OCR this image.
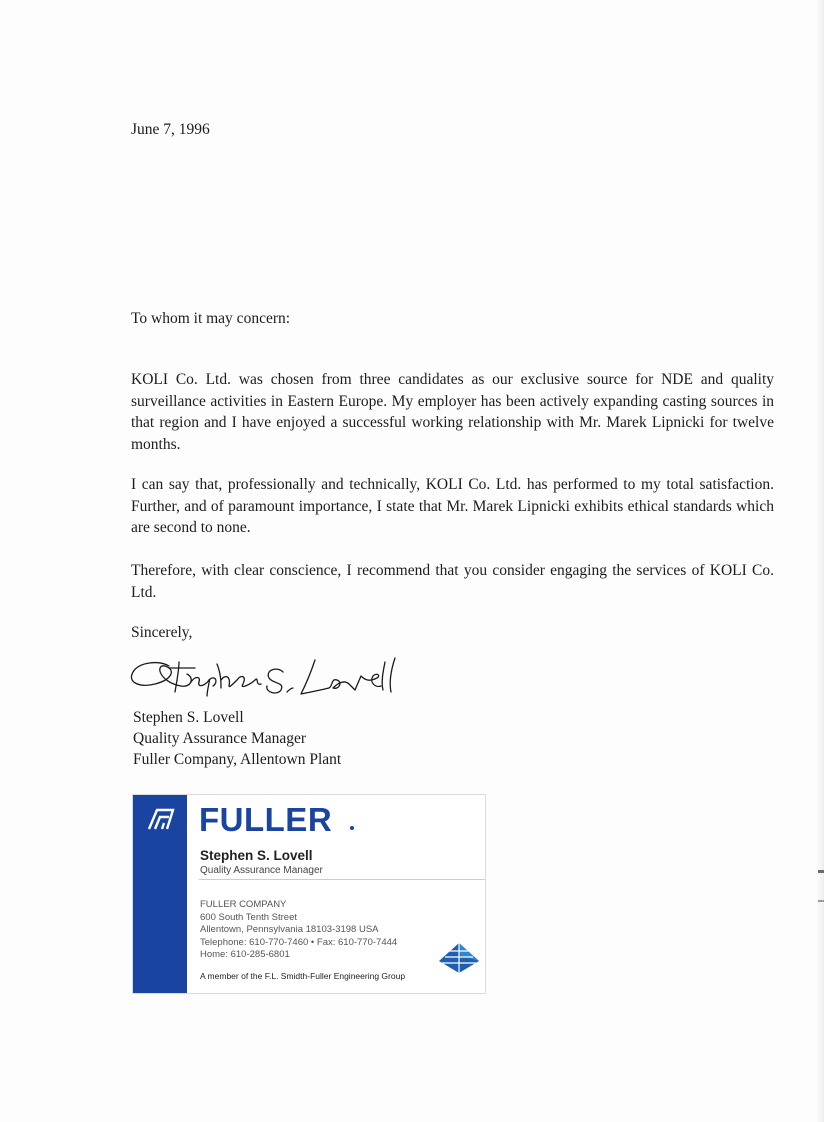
June 7, 1996

To whom it may concern:

KOLI Co. Ltd. was chosen from three candidates as our exclusive source for NDE and quality surveillance activities in Eastern Europe. My employer has been actively expanding casting sources in that region and I have enjoyed a successful working relationship with Mr. Marek Lipnicki for twelve months.

I can say that, professionally and technically, KOLI Co. Ltd. has performed to my total satisfaction. Further, and of paramount importance, I state that Mr. Marek Lipnicki exhibits ethical standards which are second to none.

Therefore, with clear conscience, I recommend that you consider engaging the services of KOLI Co. Ltd.

Sincerely,

Stephen S. Lovell
Quality Assurance Manager
Fuller Company, Allentown Plant

FULLER
Stephen S. Lovell
Quality Assurance Manager
FULLER COMPANY
600 South Tenth Street
Allentown, Pennsylvania 18103-3198 USA
Telephone: 610-770-7460 • Fax: 610-770-7444
Home: 610-285-6801
A member of the F.L. Smidth-Fuller Engineering Group
